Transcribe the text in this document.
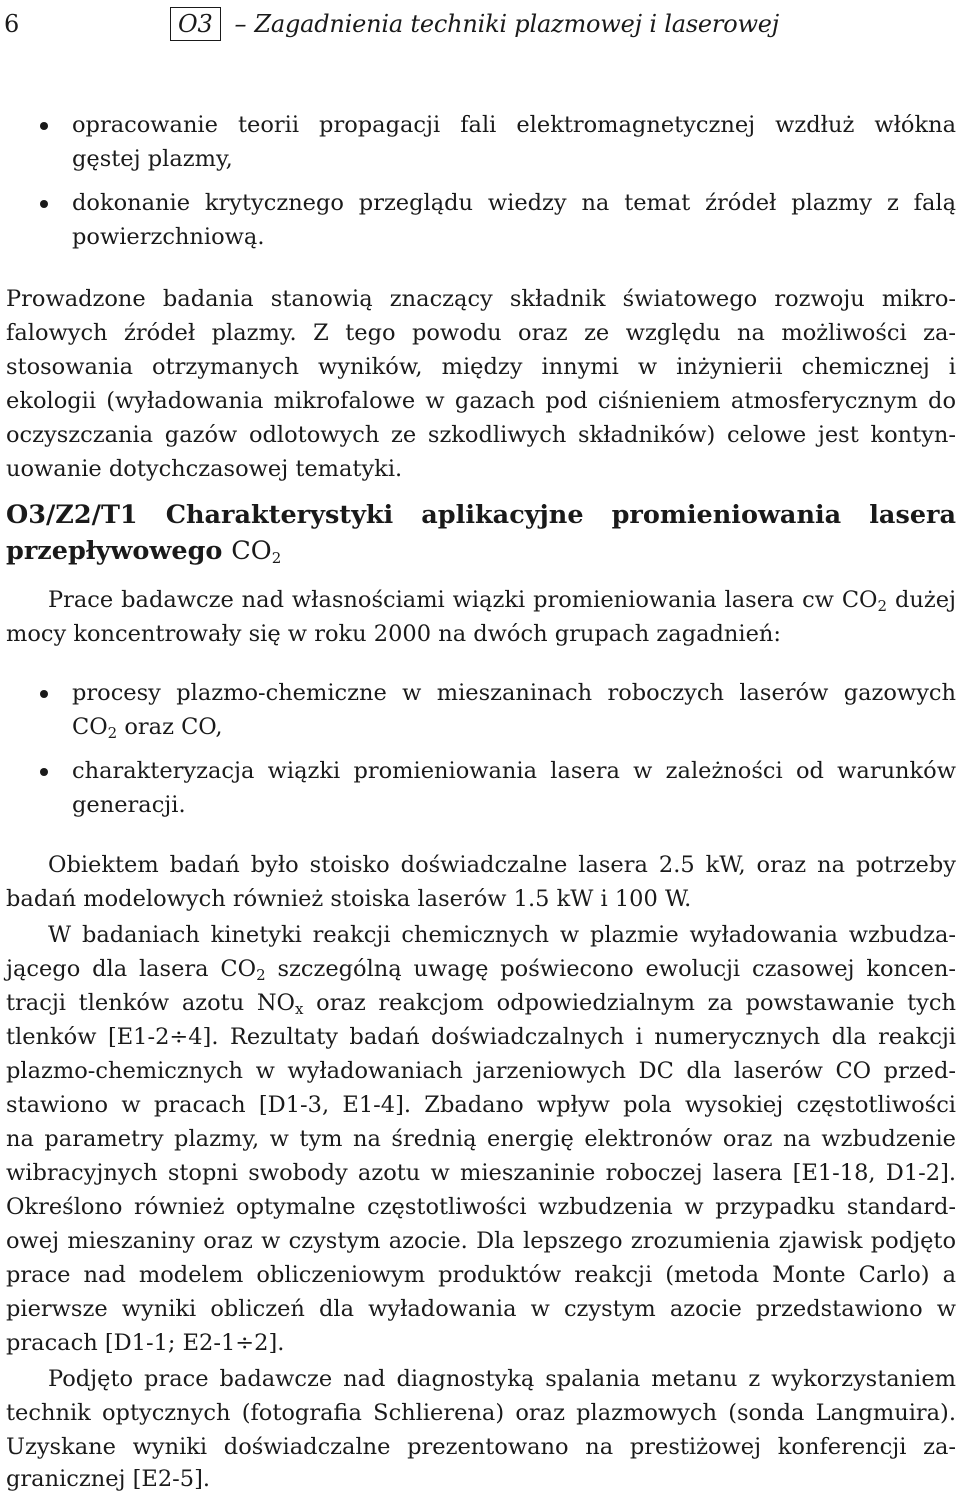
6	O3 – Zagadnienia techniki plazmowej i laserowej
opracowanie teorii propagacji fali elektromagnetycznej wzdłuż włókna
gęstej plazmy,
dokonanie krytycznego przeglądu wiedzy na temat źródeł plazmy z falą
powierzchniową.
Prowadzone badania stanowią znaczący składnik światowego rozwoju mikro-
falowych źródeł plazmy. Z tego powodu oraz ze względu na możliwości za-
stosowania otrzymanych wyników, między innymi w inżynierii chemicznej i
ekologii (wyładowania mikrofalowe w gazach pod ciśnieniem atmosferycznym do
oczyszczania gazów odlotowych ze szkodliwych składników) celowe jest kontyn-
uowanie dotychczasowej tematyki.
O3/Z2/T1 Charakterystyki aplikacyjne promieniowania lasera
przepływowego $CO_2$
Prace badawcze nad własnościami wiązki promieniowania lasera cw $CO_2$ dużej
mocy koncentrowały się w roku 2000 na dwóch grupach zagadnień:
procesy plazmo-chemiczne w mieszaninach roboczych laserów gazowych
$CO_2$ oraz CO,
charakteryzacja wiązki promieniowania lasera w zależności od warunków
generacji.
Obiektem badań było stoisko doświadczalne lasera 2.5 kW, oraz na potrzeby
badań modelowych również stoiska laserów 1.5 kW i 100 W.
W badaniach kinetyki reakcji chemicznych w plazmie wyładowania wzbudza-
jącego dla lasera $CO_2$ szczególną uwagę poświecono ewolucji czasowej koncen-
tracji tlenków azotu $NO_x$ oraz reakcjom odpowiedzialnym za powstawanie tych
tlenków [E1-2÷4]. Rezultaty badań doświadczalnych i numerycznych dla reakcji
plazmo-chemicznych w wyładowaniach jarzeniowych DC dla laserów CO przed-
stawiono w pracach [D1-3, E1-4]. Zbadano wpływ pola wysokiej częstotliwości
na parametry plazmy, w tym na średnią energię elektronów oraz na wzbudzenie
wibracyjnych stopni swobody azotu w mieszaninie roboczej lasera [E1-18, D1-2].
Określono również optymalne częstotliwości wzbudzenia w przypadku standard-
owej mieszaniny oraz w czystym azocie. Dla lepszego zrozumienia zjawisk podjęto
prace nad modelem obliczeniowym produktów reakcji (metoda Monte Carlo) a
pierwsze wyniki obliczeń dla wyładowania w czystym azocie przedstawiono w
pracach [D1-1; E2-1÷2].
Podjęto prace badawcze nad diagnostyką spalania metanu z wykorzystaniem
technik optycznych (fotografia Schlierena) oraz plazmowych (sonda Langmuira).
Uzyskane wyniki doświadczalne prezentowano na prestiżowej konferencji za-
granicznej [E2-5].
